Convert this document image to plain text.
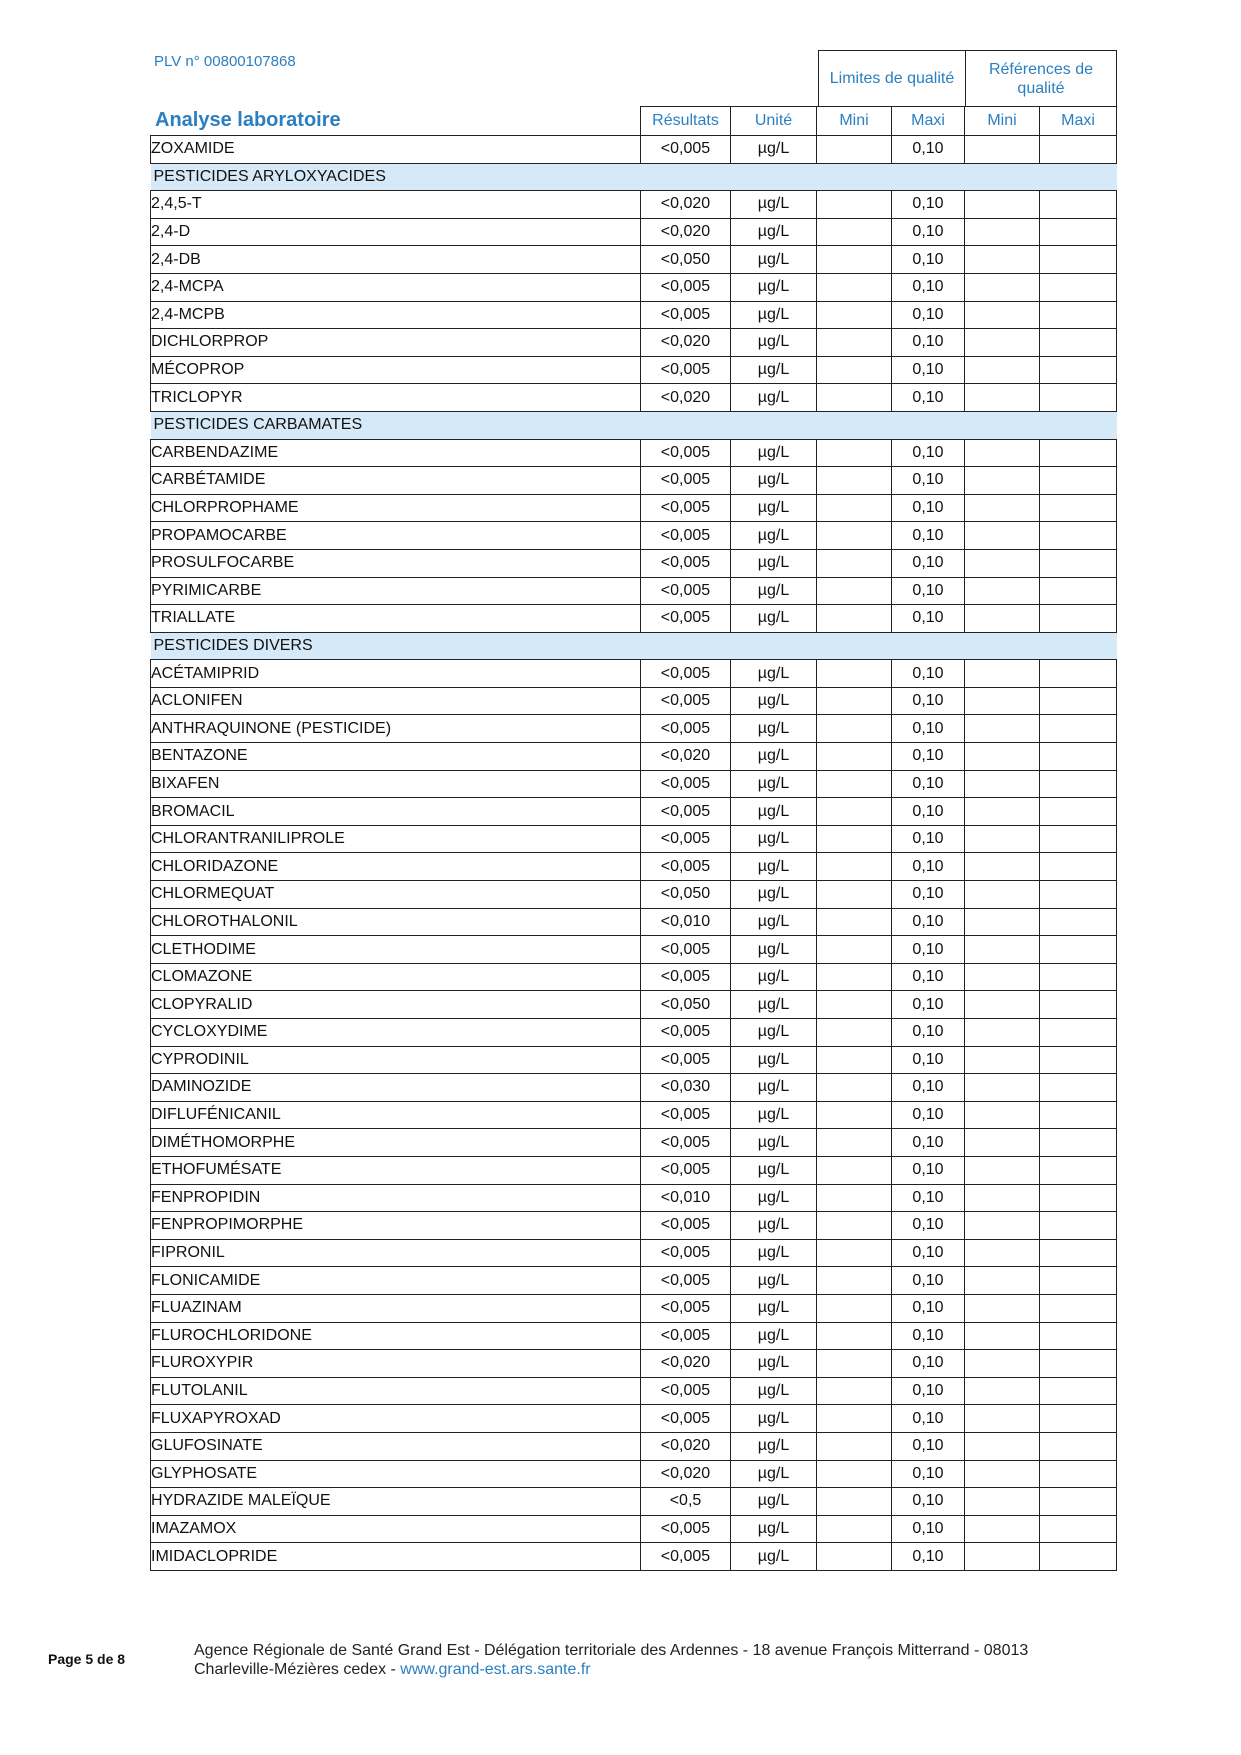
PLV n° 00800107868
Limites de qualité
Références de qualité
Analyse laboratoire
		Résultats	Unité	Mini	Maxi	Mini	Maxi
ZOXAMIDE	<0,005	µg/L		0,10		
PESTICIDES ARYLOXYACIDES						
2,4,5-T	<0,020	µg/L		0,10		
2,4-D	<0,020	µg/L		0,10		
2,4-DB	<0,050	µg/L		0,10		
2,4-MCPA	<0,005	µg/L		0,10		
2,4-MCPB	<0,005	µg/L		0,10		
DICHLORPROP	<0,020	µg/L		0,10		
MÉCOPROP	<0,005	µg/L		0,10		
TRICLOPYR	<0,020	µg/L		0,10		
PESTICIDES CARBAMATES						
CARBENDAZIME	<0,005	µg/L		0,10		
CARBÉTAMIDE	<0,005	µg/L		0,10		
CHLORPROPHAME	<0,005	µg/L		0,10		
PROPAMOCARBE	<0,005	µg/L		0,10		
PROSULFOCARBE	<0,005	µg/L		0,10		
PYRIMICARBE	<0,005	µg/L		0,10		
TRIALLATE	<0,005	µg/L		0,10		
PESTICIDES DIVERS						
ACÉTAMIPRID	<0,005	µg/L		0,10		
ACLONIFEN	<0,005	µg/L		0,10		
ANTHRAQUINONE (PESTICIDE)	<0,005	µg/L		0,10		
BENTAZONE	<0,020	µg/L		0,10		
BIXAFEN	<0,005	µg/L		0,10		
BROMACIL	<0,005	µg/L		0,10		
CHLORANTRANILIPROLE	<0,005	µg/L		0,10		
CHLORIDAZONE	<0,005	µg/L		0,10		
CHLORMEQUAT	<0,050	µg/L		0,10		
CHLOROTHALONIL	<0,010	µg/L		0,10		
CLETHODIME	<0,005	µg/L		0,10		
CLOMAZONE	<0,005	µg/L		0,10		
CLOPYRALID	<0,050	µg/L		0,10		
CYCLOXYDIME	<0,005	µg/L		0,10		
CYPRODINIL	<0,005	µg/L		0,10		
DAMINOZIDE	<0,030	µg/L		0,10		
DIFLUFÉNICANIL	<0,005	µg/L		0,10		
DIMÉTHOMORPHE	<0,005	µg/L		0,10		
ETHOFUMÉSATE	<0,005	µg/L		0,10		
FENPROPIDIN	<0,010	µg/L		0,10		
FENPROPIMORPHE	<0,005	µg/L		0,10		
FIPRONIL	<0,005	µg/L		0,10		
FLONICAMIDE	<0,005	µg/L		0,10		
FLUAZINAM	<0,005	µg/L		0,10		
FLUROCHLORIDONE	<0,005	µg/L		0,10		
FLUROXYPIR	<0,020	µg/L		0,10		
FLUTOLANIL	<0,005	µg/L		0,10		
FLUXAPYROXAD	<0,005	µg/L		0,10		
GLUFOSINATE	<0,020	µg/L		0,10		
GLYPHOSATE	<0,020	µg/L		0,10		
HYDRAZIDE MALEÏQUE	<0,5	µg/L		0,10		
IMAZAMOX	<0,005	µg/L		0,10		
IMIDACLOPRIDE	<0,005	µg/L		0,10		
Page 5 de 8	Agence Régionale de Santé Grand Est - Délégation territoriale des Ardennes - 18 avenue François Mitterrand - 08013
Charleville-Mézières cedex - www.grand-est.ars.sante.fr
